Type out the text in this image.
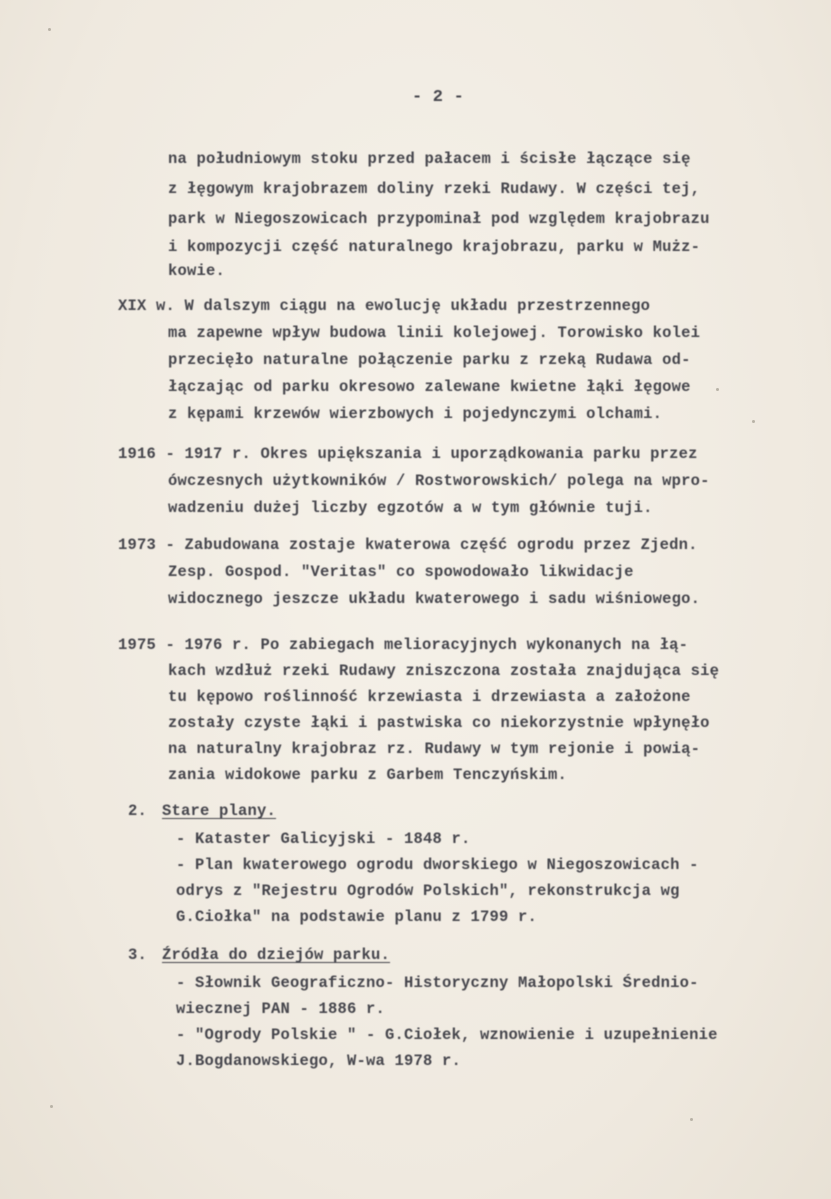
- 2 -
na południowym stoku przed pałacem i ścisłe łączące się
z łęgowym krajobrazem doliny rzeki Rudawy. W części tej,
park w Niegoszowicach przypominał pod względem krajobrazu
i kompozycji część naturalnego krajobrazu, parku w Mużz-
kowie.
XIX w. W dalszym ciągu na ewolucję układu przestrzennego
ma zapewne wpływ budowa linii kolejowej. Torowisko kolei
przecięło naturalne połączenie parku z rzeką Rudawa od-
łączając od parku okresowo zalewane kwietne łąki łęgowe
z kępami krzewów wierzbowych i pojedynczymi olchami.
1916 - 1917 r. Okres upiększania i uporządkowania parku przez
ówczesnych użytkowników / Rostworowskich/ polega na wpro-
wadzeniu dużej liczby egzotów a w tym głównie tuji.
1973 - Zabudowana zostaje kwaterowa część ogrodu przez Zjedn.
Zesp. Gospod. "Veritas" co spowodowało likwidacje
widocznego jeszcze układu kwaterowego i sadu wiśniowego.
1975 - 1976 r. Po zabiegach melioracyjnych wykonanych na łą-
kach wzdłuż rzeki Rudawy zniszczona została znajdująca się
tu kępowo roślinność krzewiasta i drzewiasta a założone
zostały czyste łąki i pastwiska co niekorzystnie wpłynęło
na naturalny krajobraz rz. Rudawy w tym rejonie i powią-
zania widokowe parku z Garbem Tenczyńskim.
2. Stare plany.
- Kataster Galicyjski - 1848 r.
- Plan kwaterowego ogrodu dworskiego w Niegoszowicach -
odrys z "Rejestru Ogrodów Polskich", rekonstrukcja wg
G.Ciołka" na podstawie planu z 1799 r.
3. Źródła do dziejów parku.
- Słownik Geograficzno- Historyczny Małopolski Średnio-
wiecznej PAN - 1886 r.
- "Ogrody Polskie " - G.Ciołek, wznowienie i uzupełnienie
J.Bogdanowskiego, W-wa 1978 r.
